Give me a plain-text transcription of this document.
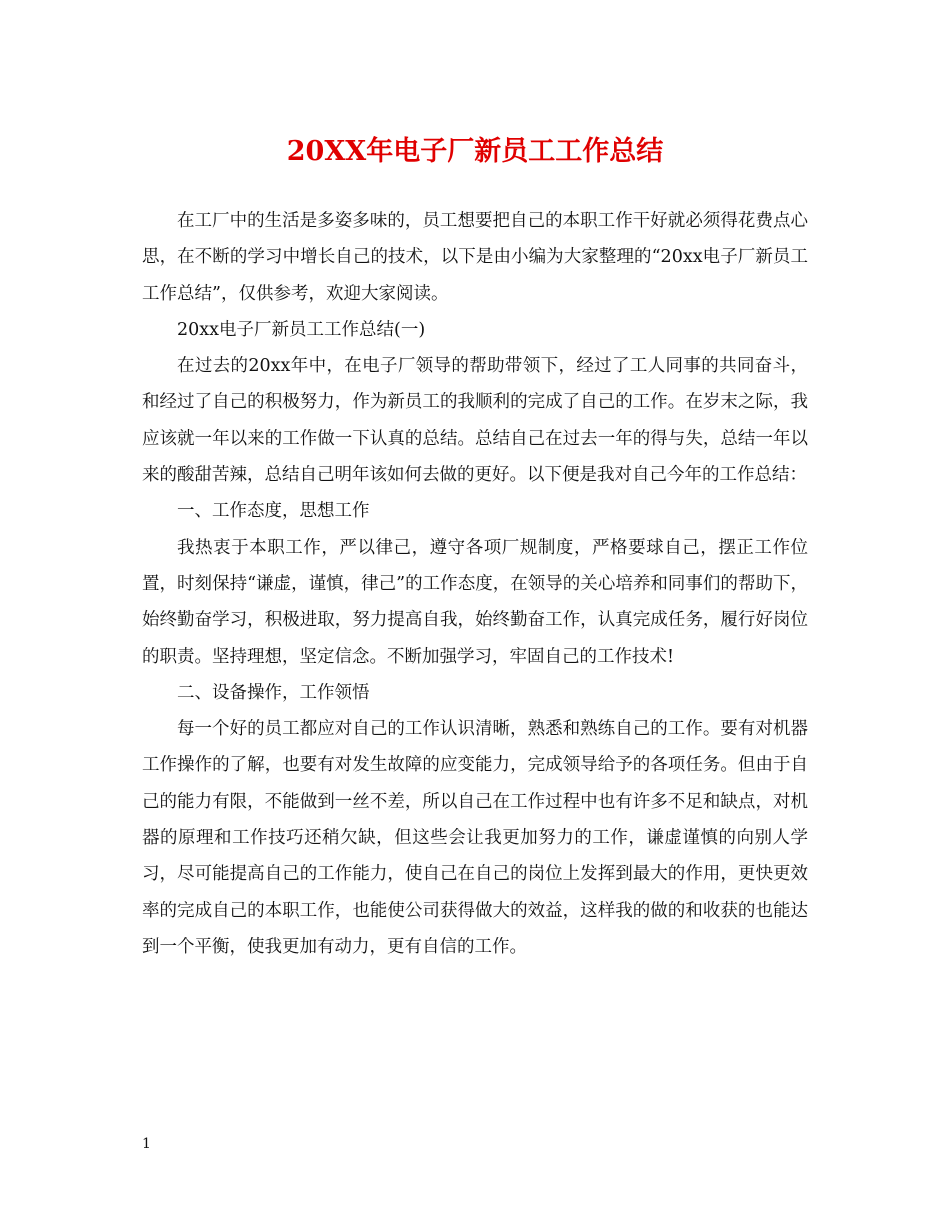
20XX年电子厂新员工工作总结

在工厂中的生活是多姿多味的，员工想要把自己的本职工作干好就必须得花费点心思，在不断的学习中增长自己的技术，以下是由小编为大家整理的“20xx电子厂新员工工作总结”，仅供参考，欢迎大家阅读。

20xx电子厂新员工工作总结(一)

在过去的20xx年中，在电子厂领导的帮助带领下，经过了工人同事的共同奋斗，和经过了自己的积极努力，作为新员工的我顺利的完成了自己的工作。在岁末之际，我应该就一年以来的工作做一下认真的总结。总结自己在过去一年的得与失，总结一年以来的酸甜苦辣，总结自己明年该如何去做的更好。以下便是我对自己今年的工作总结：

一、工作态度，思想工作

我热衷于本职工作，严以律己，遵守各项厂规制度，严格要球自己，摆正工作位置，时刻保持“谦虚，谨慎，律己”的工作态度，在领导的关心培养和同事们的帮助下，始终勤奋学习，积极进取，努力提高自我，始终勤奋工作，认真完成任务，履行好岗位的职责。坚持理想，坚定信念。不断加强学习，牢固自己的工作技术!

二、设备操作，工作领悟

每一个好的员工都应对自己的工作认识清晰，熟悉和熟练自己的工作。要有对机器工作操作的了解，也要有对发生故障的应变能力，完成领导给予的各项任务。但由于自己的能力有限，不能做到一丝不差，所以自己在工作过程中也有许多不足和缺点，对机器的原理和工作技巧还稍欠缺，但这些会让我更加努力的工作，谦虚谨慎的向别人学习，尽可能提高自己的工作能力，使自己在自己的岗位上发挥到最大的作用，更快更效率的完成自己的本职工作，也能使公司获得做大的效益，这样我的做的和收获的也能达到一个平衡，使我更加有动力，更有自信的工作。

1
